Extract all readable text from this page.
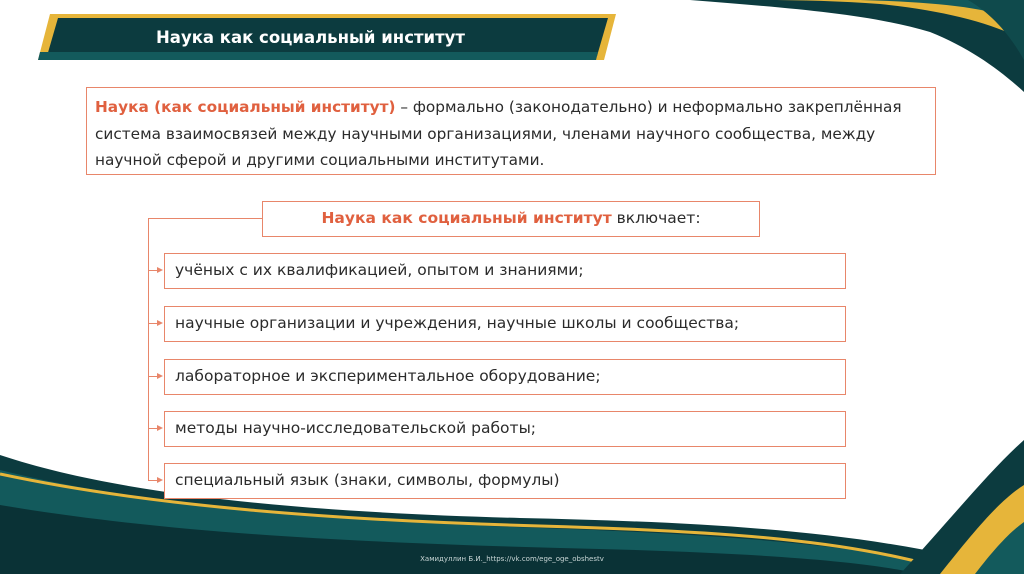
Наука как социальный институт
Наука (как социальный институт) – формально (законодательно) и неформально закреплённая система взаимосвязей между научными организациями, членами научного сообщества, между научной сферой и другими социальными институтами.
Наука как социальный институт включает:
учёных с их квалификацией, опытом и знаниями;
научные организации и учреждения, научные школы и сообщества;
лабораторное и экспериментальное оборудование;
методы научно-исследовательской работы;
специальный язык (знаки, символы, формулы)
Хамидуллин Б.И._https://vk.com/ege_oge_obshestv
